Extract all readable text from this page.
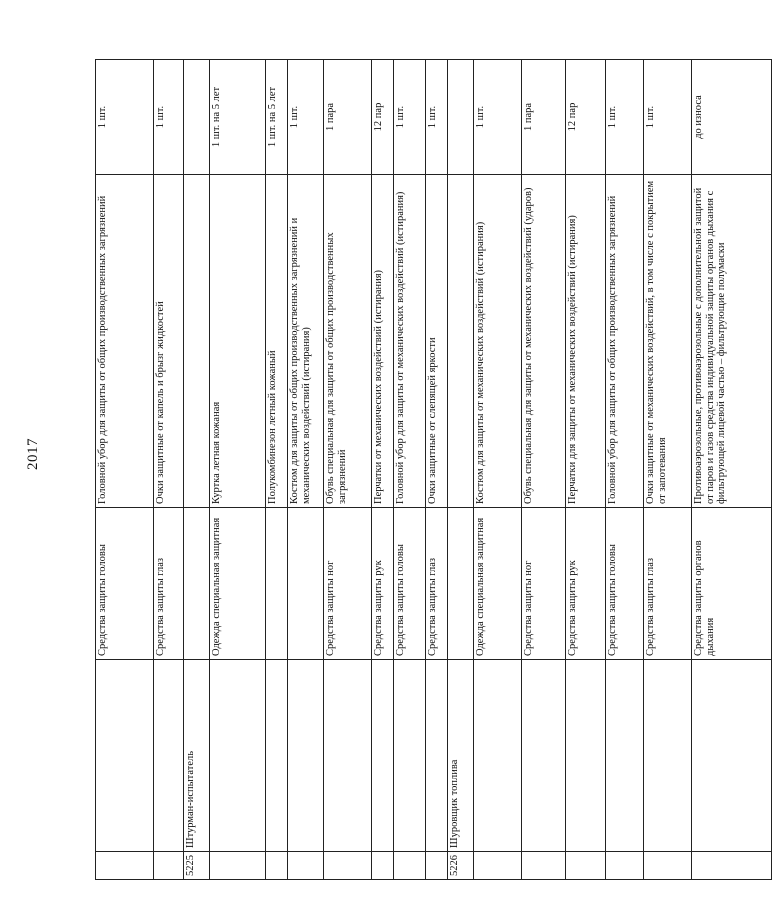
2017
		Средства защиты головы	Головной убор для защиты от общих производственных загрязнений	1 шт.
		Средства защиты глаз	Очки защитные от капель и брызг жидкостей	1 шт.
5225	Штурман-испытатель			
		Одежда специальная защитная	Куртка летная кожаная	1 шт. на 5 лет
			Полукомбинезон летный кожаный	1 шт. на 5 лет
			Костюм для защиты от общих производственных загрязнений и механических воздействий (истирания)	1 шт.
		Средства защиты ног	Обувь специальная для защиты от общих производственных загрязнений	1 пара
		Средства защиты рук	Перчатки от механических воздействий (истирания)	12 пар
		Средства защиты головы	Головной убор для защиты от механических воздействий (истирания)	1 шт.
		Средства защиты глаз	Очки защитные от слепящей яркости	1 шт.
5226	Шуровщик топлива			
		Одежда специальная защитная	Костюм для защиты от механических воздействий (истирания)	1 шт.
		Средства защиты ног	Обувь специальная для защиты от механических воздействий (ударов)	1 пара
		Средства защиты рук	Перчатки для защиты от механических воздействий (истирания)	12 пар
		Средства защиты головы	Головной убор для защиты от общих производственных загрязнений	1 шт.
		Средства защиты глаз	Очки защитные от механических воздействий, в том числе с покрытием от запотевания	1 шт.
		Средства защиты органов дыхания	Противоаэрозольные, противоаэрозольные с дополнительной защитой от паров и газов средства индивидуальной защиты органов дыхания с фильтрующей лицевой частью – фильтрующие полумаски	до износа
